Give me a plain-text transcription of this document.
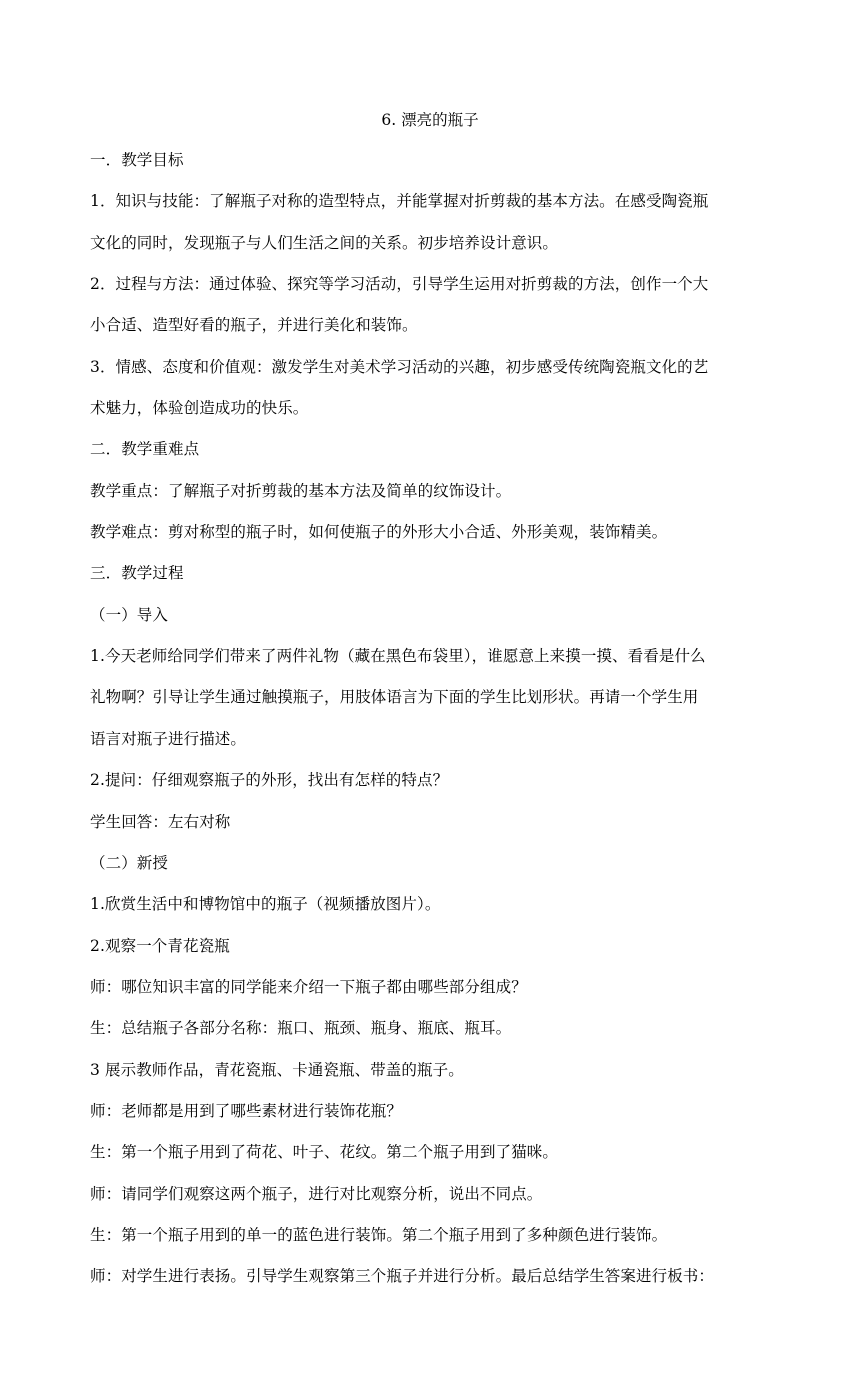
6. 漂亮的瓶子
一．教学目标
1．知识与技能：了解瓶子对称的造型特点，并能掌握对折剪裁的基本方法。在感受陶瓷瓶
文化的同时，发现瓶子与人们生活之间的关系。初步培养设计意识。
2．过程与方法：通过体验、探究等学习活动，引导学生运用对折剪裁的方法，创作一个大
小合适、造型好看的瓶子，并进行美化和装饰。
3．情感、态度和价值观：激发学生对美术学习活动的兴趣，初步感受传统陶瓷瓶文化的艺
术魅力，体验创造成功的快乐。
二．教学重难点
教学重点：了解瓶子对折剪裁的基本方法及简单的纹饰设计。
教学难点：剪对称型的瓶子时，如何使瓶子的外形大小合适、外形美观，装饰精美。
三．教学过程
（一）导入
1.今天老师给同学们带来了两件礼物（藏在黑色布袋里），谁愿意上来摸一摸、看看是什么
礼物啊？引导让学生通过触摸瓶子，用肢体语言为下面的学生比划形状。再请一个学生用
语言对瓶子进行描述。
2.提问：仔细观察瓶子的外形，找出有怎样的特点？
学生回答：左右对称
（二）新授
1.欣赏生活中和博物馆中的瓶子（视频播放图片）。
2.观察一个青花瓷瓶
师：哪位知识丰富的同学能来介绍一下瓶子都由哪些部分组成？
生：总结瓶子各部分名称：瓶口、瓶颈、瓶身、瓶底、瓶耳。
3 展示教师作品，青花瓷瓶、卡通瓷瓶、带盖的瓶子。
师：老师都是用到了哪些素材进行装饰花瓶？
生：第一个瓶子用到了荷花、叶子、花纹。第二个瓶子用到了猫咪。
师：请同学们观察这两个瓶子，进行对比观察分析，说出不同点。
生：第一个瓶子用到的单一的蓝色进行装饰。第二个瓶子用到了多种颜色进行装饰。
师：对学生进行表扬。引导学生观察第三个瓶子并进行分析。最后总结学生答案进行板书：
